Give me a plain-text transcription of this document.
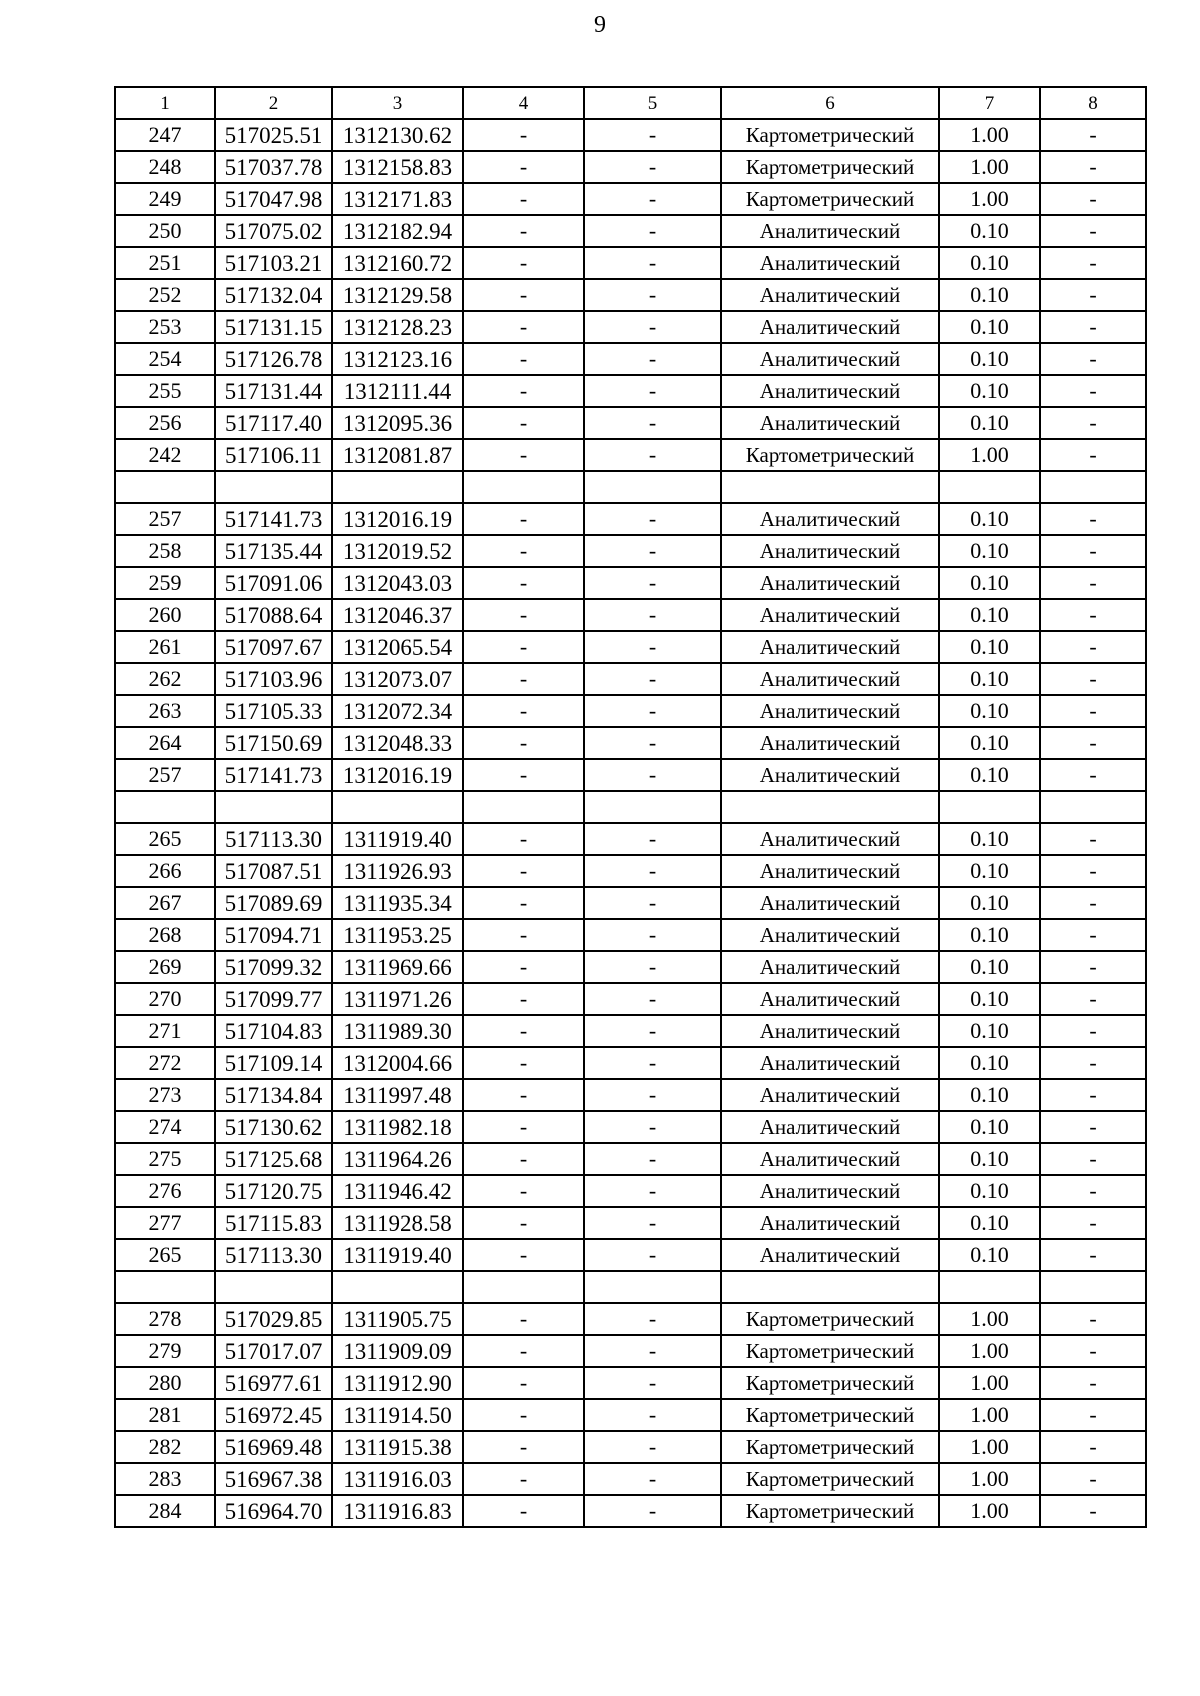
9
1	2	3	4	5	6	7	8
247	517025.51	1312130.62	-	-	Картометрический	1.00	-
248	517037.78	1312158.83	-	-	Картометрический	1.00	-
249	517047.98	1312171.83	-	-	Картометрический	1.00	-
250	517075.02	1312182.94	-	-	Аналитический	0.10	-
251	517103.21	1312160.72	-	-	Аналитический	0.10	-
252	517132.04	1312129.58	-	-	Аналитический	0.10	-
253	517131.15	1312128.23	-	-	Аналитический	0.10	-
254	517126.78	1312123.16	-	-	Аналитический	0.10	-
255	517131.44	1312111.44	-	-	Аналитический	0.10	-
256	517117.40	1312095.36	-	-	Аналитический	0.10	-
242	517106.11	1312081.87	-	-	Картометрический	1.00	-

257	517141.73	1312016.19	-	-	Аналитический	0.10	-
258	517135.44	1312019.52	-	-	Аналитический	0.10	-
259	517091.06	1312043.03	-	-	Аналитический	0.10	-
260	517088.64	1312046.37	-	-	Аналитический	0.10	-
261	517097.67	1312065.54	-	-	Аналитический	0.10	-
262	517103.96	1312073.07	-	-	Аналитический	0.10	-
263	517105.33	1312072.34	-	-	Аналитический	0.10	-
264	517150.69	1312048.33	-	-	Аналитический	0.10	-
257	517141.73	1312016.19	-	-	Аналитический	0.10	-

265	517113.30	1311919.40	-	-	Аналитический	0.10	-
266	517087.51	1311926.93	-	-	Аналитический	0.10	-
267	517089.69	1311935.34	-	-	Аналитический	0.10	-
268	517094.71	1311953.25	-	-	Аналитический	0.10	-
269	517099.32	1311969.66	-	-	Аналитический	0.10	-
270	517099.77	1311971.26	-	-	Аналитический	0.10	-
271	517104.83	1311989.30	-	-	Аналитический	0.10	-
272	517109.14	1312004.66	-	-	Аналитический	0.10	-
273	517134.84	1311997.48	-	-	Аналитический	0.10	-
274	517130.62	1311982.18	-	-	Аналитический	0.10	-
275	517125.68	1311964.26	-	-	Аналитический	0.10	-
276	517120.75	1311946.42	-	-	Аналитический	0.10	-
277	517115.83	1311928.58	-	-	Аналитический	0.10	-
265	517113.30	1311919.40	-	-	Аналитический	0.10	-

278	517029.85	1311905.75	-	-	Картометрический	1.00	-
279	517017.07	1311909.09	-	-	Картометрический	1.00	-
280	516977.61	1311912.90	-	-	Картометрический	1.00	-
281	516972.45	1311914.50	-	-	Картометрический	1.00	-
282	516969.48	1311915.38	-	-	Картометрический	1.00	-
283	516967.38	1311916.03	-	-	Картометрический	1.00	-
284	516964.70	1311916.83	-	-	Картометрический	1.00	-
